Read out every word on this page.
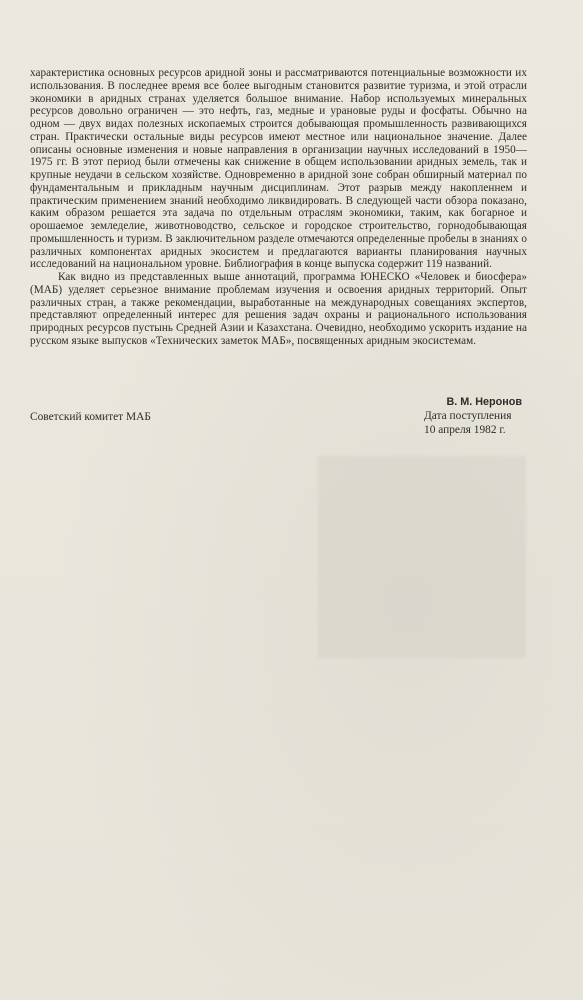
характеристика основных ресурсов аридной зоны и рассматриваются потенциальные возможности их использования. В последнее время все более выгодным становится развитие туризма, и этой отрасли экономики в аридных странах уделяется большое внимание. Набор используемых минеральных ресурсов довольно ограничен — это нефть, газ, медные и урановые руды и фосфаты. Обычно на одном — двух видах полезных ископаемых строится добывающая промышленность развивающихся стран. Практически остальные виды ресурсов имеют местное или национальное значение. Далее описаны основные изменения и новые направления в организации научных исследований в 1950—1975 гг. В этот период были отмечены как снижение в общем использовании аридных земель, так и крупные неудачи в сельском хозяйстве. Одновременно в аридной зоне собран обширный материал по фундаментальным и прикладным научным дисциплинам. Этот разрыв между накопленнем и практическим применением знаний необходимо ликвидировать. В следующей части обзора показано, каким образом решается эта задача по отдельным отраслям экономики, таким, как богарное и орошаемое земледелие, животноводство, сельское и городское строительство, горнодобывающая промышленность и туризм. В заключительном разделе отмечаются определенные пробелы в знаниях о различных компонентах аридных экосистем и предлагаются варианты планирования научных исследований на национальном уровне. Библиография в конце выпуска содержит 119 названий.

Как видно из представленных выше аннотаций, программа ЮНЕСКО «Человек и биосфера» (МАБ) уделяет серьезное внимание проблемам изучения и освоения аридных территорий. Опыт различных стран, а также рекомендации, выработанные на международных совещаниях экспертов, представляют определенный интерес для решения задач охраны и рационального использования природных ресурсов пустынь Средней Азии и Казахстана. Очевидно, необходимо ускорить издание на русском языке выпусков «Технических заметок МАБ», посвященных аридным экосистемам.

В. М. Неронов
Дата поступления
10 апреля 1982 г.
Советский комитет МАБ
